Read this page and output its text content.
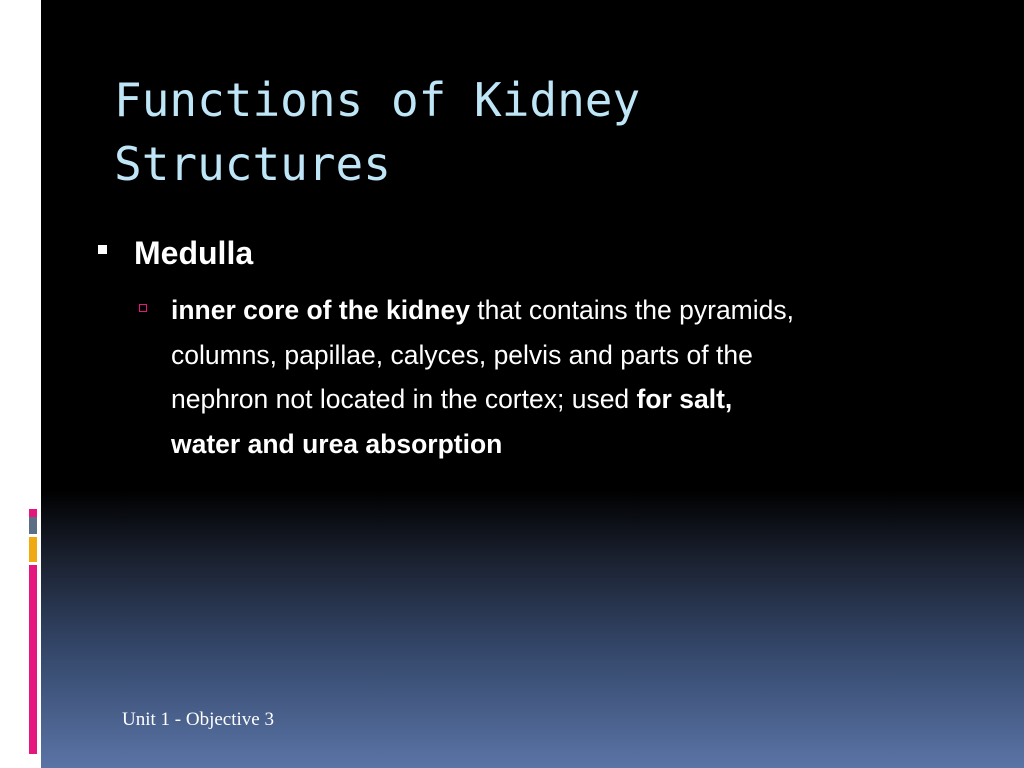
Functions of Kidney
Structures
Medulla
inner core of the kidney that contains the pyramids,
columns, papillae, calyces, pelvis and parts of the
nephron not located in the cortex; used for salt,
water and urea absorption
Unit 1 - Objective 3
